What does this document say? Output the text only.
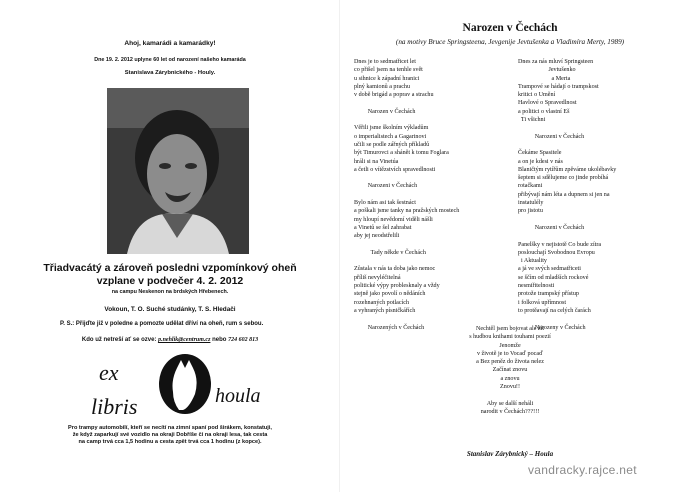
Ahoj, kamarádi a kamarádky!
Dne 19. 2. 2012 uplyne 60 let od narození našeho kamaráda
Stanislava Zárybnického - Houly.
Třiadvacátý a zároveň posledni vzpomínkový oheň
vzplane v podvečer 4. 2. 2012
na campu Neskenon na brdských Hřebenech.
Vokoun, T. O. Suché studánky, T. S. Hledači
P. S.: Přijďte již v poledne a pomozte udělat dříví na oheň, rum s sebou.
Kdo už netreší ať se ozve: p.nehlik@centrum.cz nebo 724 602 813
ex
libris	houla
Pro trampy automobilí, kteří se necítí na zimní spaní pod širákem, konstatuji,
že když zaparkují své vozidlo na okraji Dobříše či na okraji lesa, tak cesta
na camp trvá cca 1,5 hodinu a cesta zpět trvá cca 1 hodinu (z kopce).
Narozen v Čechách
(na motivy Bruce Springsteena, Jevgenije Jevtušenka a Vladimíra Merty, 1989)
Dnes je to sedmatřicet let
co přišel jsem na tenhle svět
u sihnice k západní hranici
plný kamionů a prachu
v době brigád a poprav a strachu
Narozen v Čechách
Věřili jsme školním výkladům
o imperialistech a Gagarinovi
učili se podle zářných příkladů
být Timurovci a shánět k tomu Foglara
hráli si na Vinetúa
a četli o vítězstvích spravedlnosti
Narozeni v Čechách
Bylo nám asi tak šestnáct
a poškali jsme tanky na pražských mostech
my hloupí nevědomí viděli nášli
a Vinetů se šel zahrabat
aby jej neodstřelili
Tady někde v Čechách
Zůstala v nás ta doba jako nemoc
příliš nevyléčitelná
politické výpy problesknaly a vždy
stejně jako povolí o nědáních
rozehnaných potlacích
a vyhraných písničkářích
Narozených v Čechách
Dnes za nás mluví Springsteen
Jevtušenko
a Merta
Trampové se hádají o trampskost
kritici o Umění
Havlové o Spravedlnost
a politici o vlastní Eš
Ti všichni
Narozeni v Čechách
Čekáme Spasitele
a on je kdesi v nás
Blaničtým rytířům zpěváme ukolébavky
šeptem si sdělujeme co jinde probíhá
rotačkami
přibývají nám léta a dupnem si jen na
instatulély
pro jistotu
Narozeni v Čechách
Panelšky v nejistotě Co bude zítra
poslouchají Svobodnou Evropu
i Aktuality
a já ve svých sedmatřiceti
se ščím od mladších rockové
nesmiřitelnosti
protože trampský přístup
i folková upřímnost
to protěavají na celých čarách
Narozeny v Čechách
Nechtěl jsem bojovat ale žít
s hudbou knihami touhami poezií
Jenomže
v životě je to Vocaď pocaď
a Bez peněz do života nelez
Začínat znovu
a znovu
Znovu!!
Aby se další neháli
narodit v Čechách???!!!
Stanislav Zárybnický – Houla
vandracky.rajce.net
